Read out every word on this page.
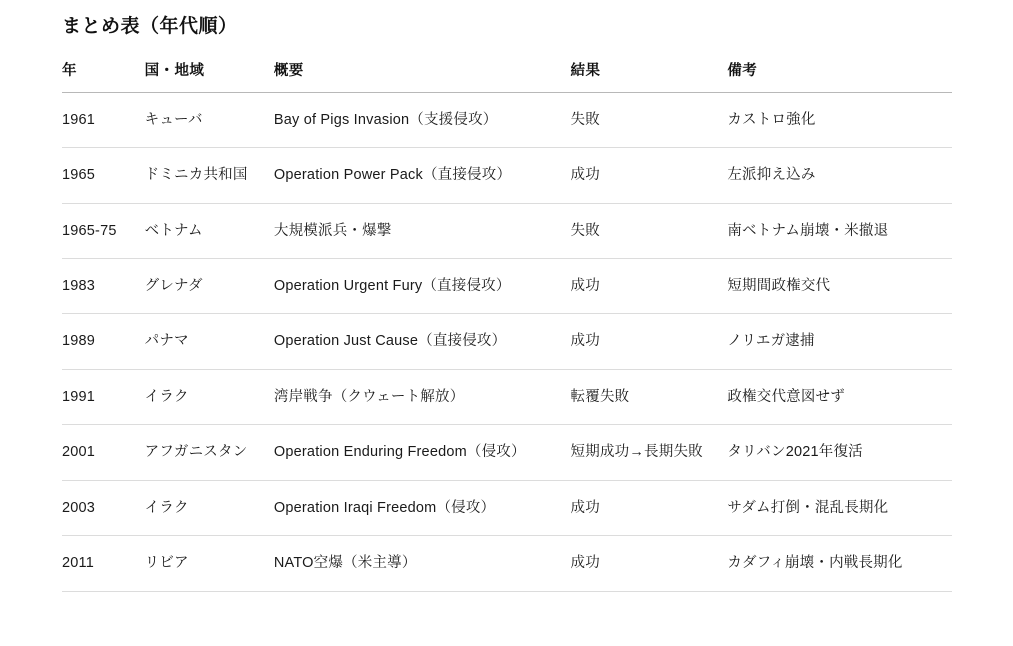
まとめ表（年代順）
年	国・地域	概要	結果	備考
1961	キューバ	Bay of Pigs Invasion（支援侵攻）	失敗	カストロ強化
1965	ドミニカ共和国	Operation Power Pack（直接侵攻）	成功	左派抑え込み
1965-75	ベトナム	大規模派兵・爆撃	失敗	南ベトナム崩壊・米撤退
1983	グレナダ	Operation Urgent Fury（直接侵攻）	成功	短期間政権交代
1989	パナマ	Operation Just Cause（直接侵攻）	成功	ノリエガ逮捕
1991	イラク	湾岸戦争（クウェート解放）	転覆失敗	政権交代意図せず
2001	アフガニスタン	Operation Enduring Freedom（侵攻）	短期成功→長期失敗	タリバン2021年復活
2003	イラク	Operation Iraqi Freedom（侵攻）	成功	サダム打倒・混乱長期化
2011	リビア	NATO空爆（米主導）	成功	カダフィ崩壊・内戦長期化
